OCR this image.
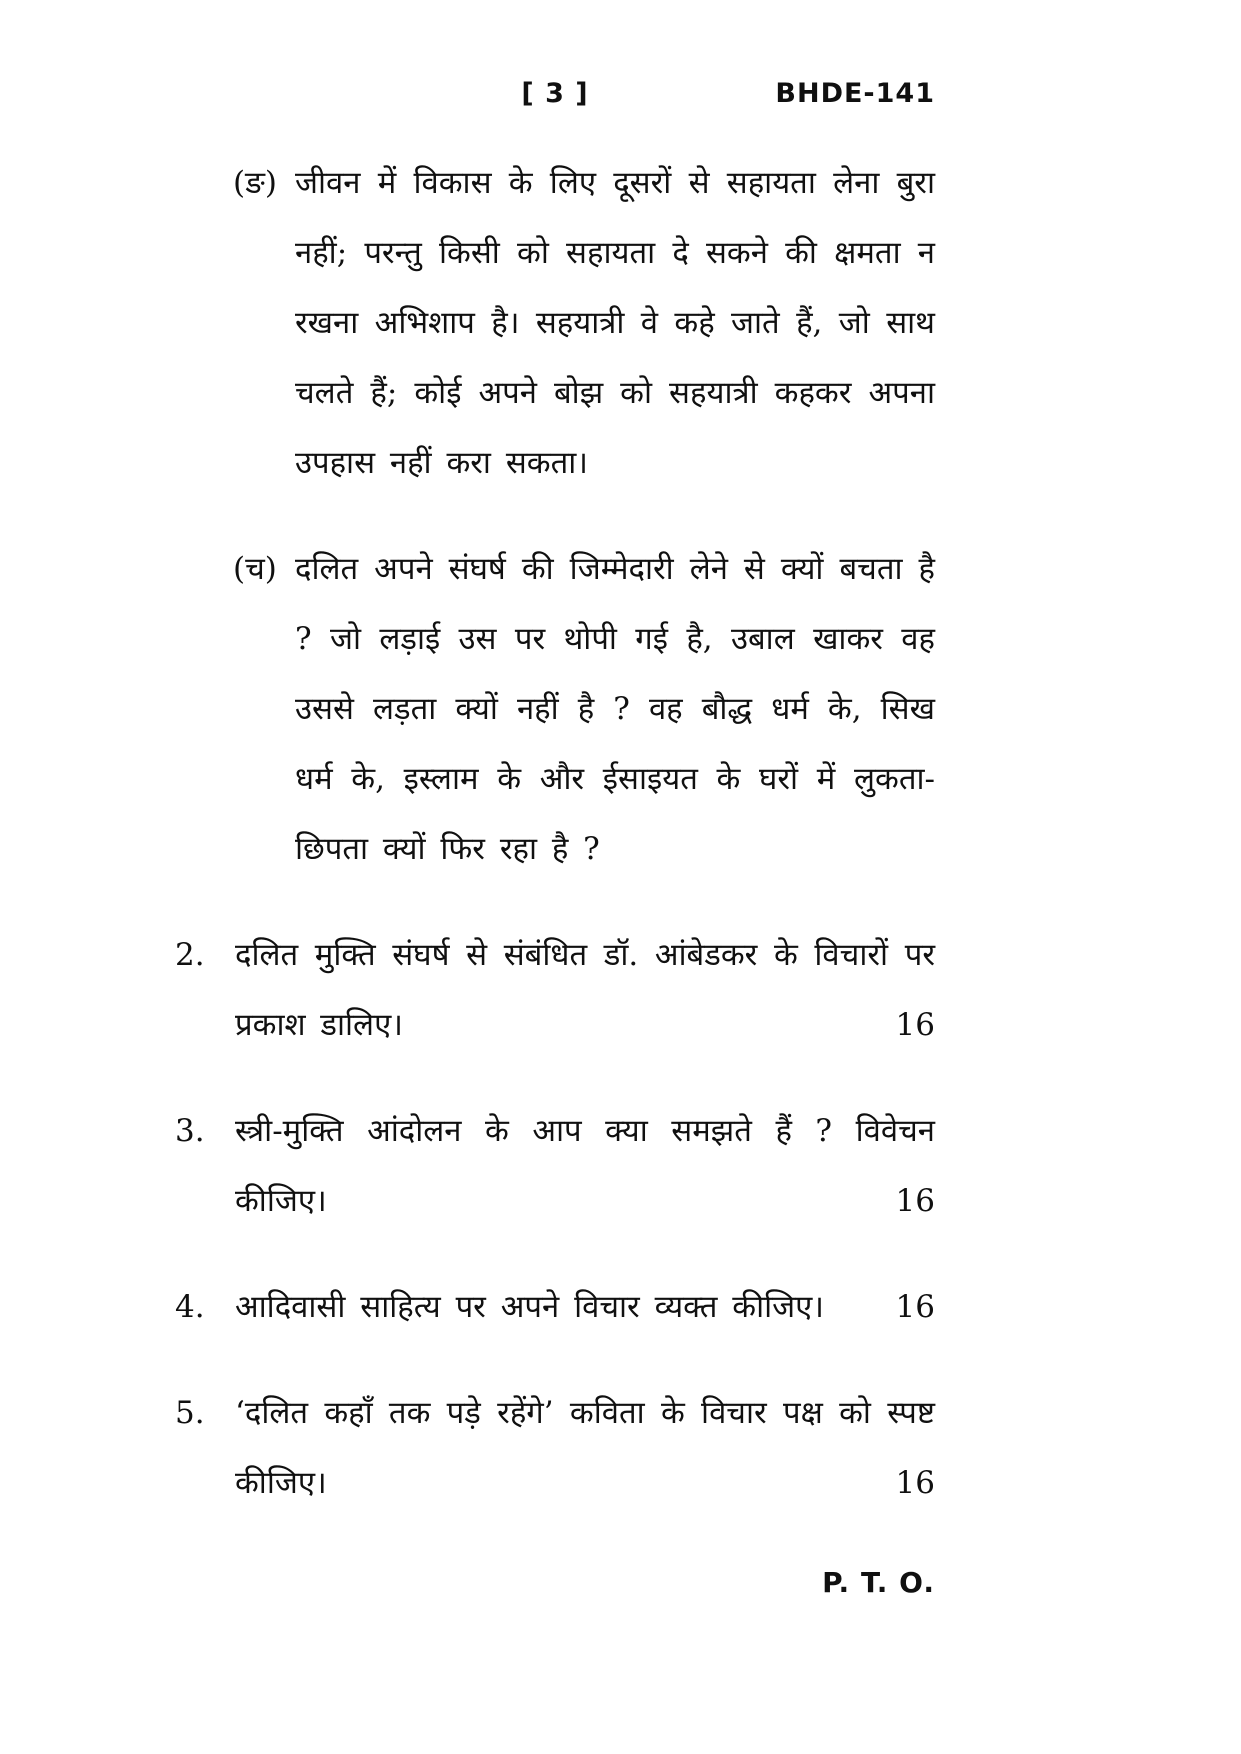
[ 3 ]	BHDE-141
(ङ) जीवन में विकास के लिए दूसरों से सहायता लेना बुरा नहीं; परन्तु किसी को सहायता दे सकने की क्षमता न रखना अभिशाप है। सहयात्री वे कहे जाते हैं, जो साथ चलते हैं; कोई अपने बोझ को सहयात्री कहकर अपना उपहास नहीं करा सकता।
(च) दलित अपने संघर्ष की जिम्मेदारी लेने से क्यों बचता है ? जो लड़ाई उस पर थोपी गई है, उबाल खाकर वह उससे लड़ता क्यों नहीं है ? वह बौद्ध धर्म के, सिख धर्म के, इस्लाम के और ईसाइयत के घरों में लुकता-छिपता क्यों फिर रहा है ?
2. दलित मुक्ति संघर्ष से संबंधित डॉ. आंबेडकर के विचारों पर प्रकाश डालिए।	16
3. स्त्री-मुक्ति आंदोलन के आप क्या समझते हैं ? विवेचन कीजिए।	16
4. आदिवासी साहित्य पर अपने विचार व्यक्त कीजिए। 16
5. ‘दलित कहाँ तक पड़े रहेंगे’ कविता के विचार पक्ष को स्पष्ट कीजिए।	16
P. T. O.
